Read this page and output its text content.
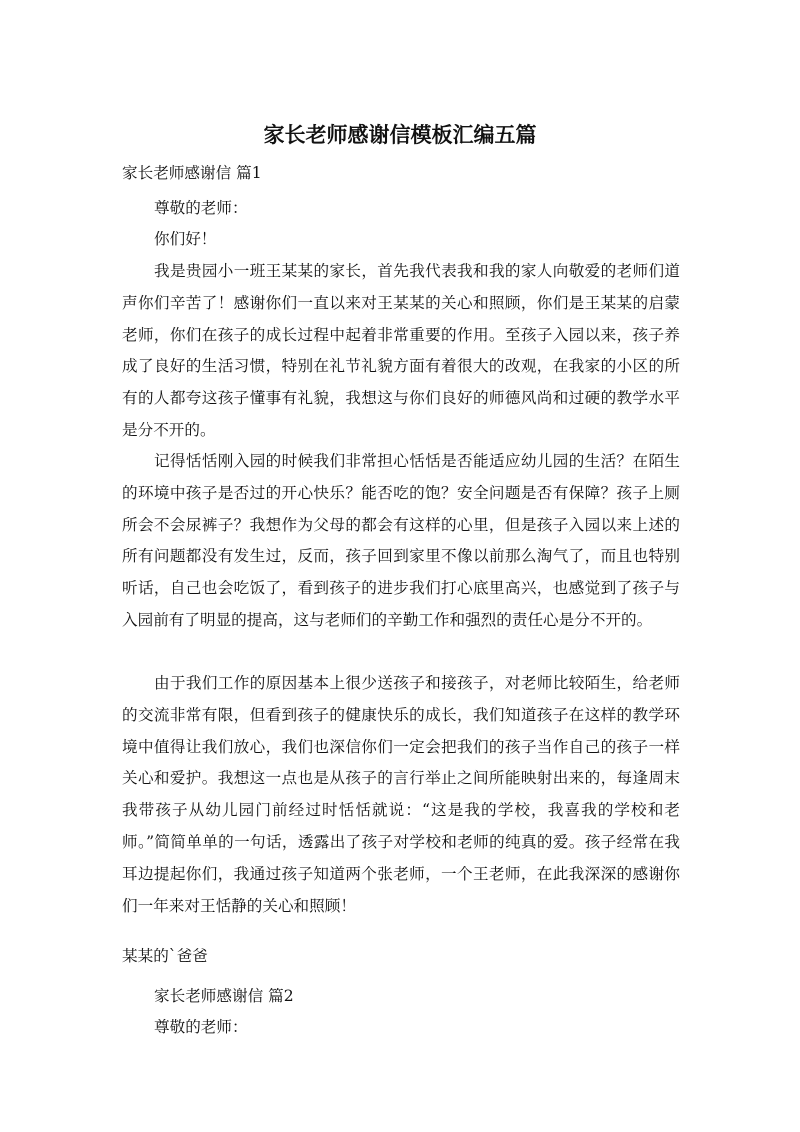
家长老师感谢信模板汇编五篇
家长老师感谢信 篇1
尊敬的老师：
你们好！

我是贵园小一班王某某的家长，首先我代表我和我的家人向敬爱的老师们道声你们辛苦了！感谢你们一直以来对王某某的关心和照顾，你们是王某某的启蒙老师，你们在孩子的成长过程中起着非常重要的作用。至孩子入园以来，孩子养成了良好的生活习惯，特别在礼节礼貌方面有着很大的改观，在我家的小区的所有的人都夸这孩子懂事有礼貌，我想这与你们良好的师德风尚和过硬的教学水平是分不开的。

记得恬恬刚入园的时候我们非常担心恬恬是否能适应幼儿园的生活？在陌生的环境中孩子是否过的开心快乐？能否吃的饱？安全问题是否有保障？孩子上厕所会不会尿裤子？我想作为父母的都会有这样的心里，但是孩子入园以来上述的所有问题都没有发生过，反而，孩子回到家里不像以前那么淘气了，而且也特别听话，自己也会吃饭了，看到孩子的进步我们打心底里高兴，也感觉到了孩子与入园前有了明显的提高，这与老师们的辛勤工作和强烈的责任心是分不开的。

由于我们工作的原因基本上很少送孩子和接孩子，对老师比较陌生，给老师的交流非常有限，但看到孩子的健康快乐的成长，我们知道孩子在这样的教学环境中值得让我们放心，我们也深信你们一定会把我们的孩子当作自己的孩子一样关心和爱护。我想这一点也是从孩子的言行举止之间所能映射出来的，每逢周末我带孩子从幼儿园门前经过时恬恬就说：“这是我的学校，我喜我的学校和老师。”简简单单的一句话，透露出了孩子对学校和老师的纯真的爱。孩子经常在我耳边提起你们，我通过孩子知道两个张老师，一个王老师，在此我深深的感谢你们一年来对王恬静的关心和照顾！

某某的`爸爸
家长老师感谢信 篇2
尊敬的老师：
